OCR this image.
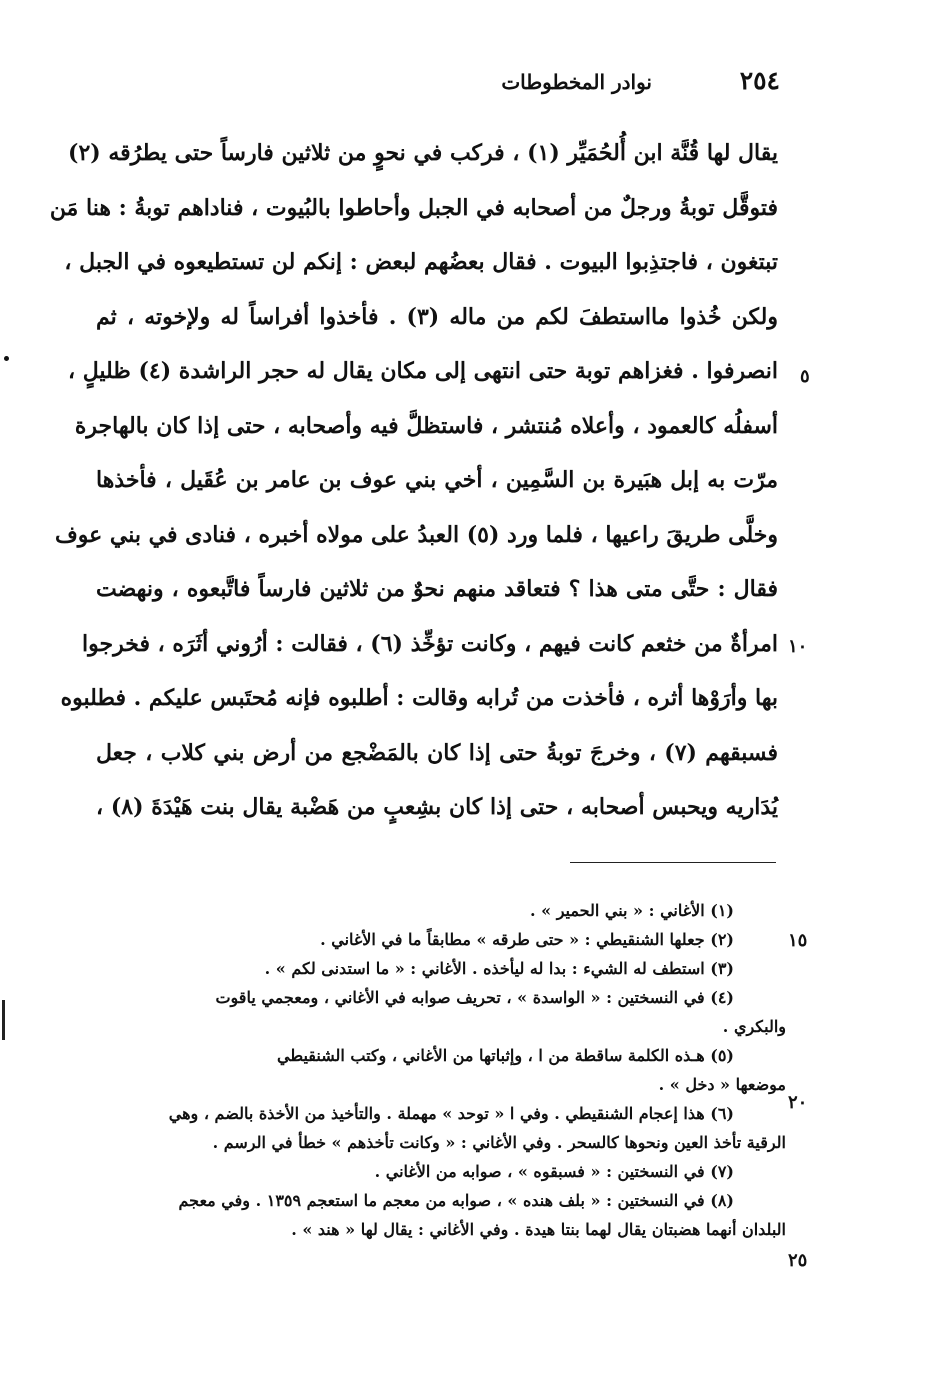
٢٥٤
نوادر المخطوطات
يقال لها قُنَّة ابن أُلحُمَيِّر (١) ، فركب في نحوٍ من ثلاثين فارساً حتى يطرُقه (٢)
فتوقَّل توبةُ ورجلٌ من أصحابه في الجبل وأحاطوا بالبُيوت ، فناداهم توبةُ : هنا مَن
تبتغون ، فاجتذِبوا البيوت . فقال بعضُهم لبعض : إنكم لن تستطيعوه في الجبل ،
ولكن خُذوا مااستطفَ لكم من ماله (٣) . فأخذوا أفراساً له ولإخوته ، ثم
انصرفوا . فغزاهم توبة حتى انتهى إلى مكان يقال له حجر الراشدة (٤) ظليلٍ ،
أسفلُه كالعمود ، وأعلاه مُنتشر ، فاستظلَّ فيه وأصحابه ، حتى إذا كان بالهاجرة
مرّت به إبل هبَيرة بن السَّمِين ، أخي بني عوف بن عامر بن عُقَيل ، فأخذها
وخلَّى طريقَ راعيها ، فلما ورد (٥) العبدُ على مولاه أخبره ، فنادى في بني عوف
فقال : حتَّى متى هذا ؟ فتعاقد منهم نحوٌ من ثلاثين فارساً فاتَّبعوه ، ونهضت
امرأةٌ من خثعم كانت فيهم ، وكانت تؤخِّذ (٦) ، فقالت : أرُوني أثَرَه ، فخرجوا
بها وأرَوْها أثره ، فأخذت من تُرابه وقالت : أطلبوه فإنه مُحتَبس عليكم . فطلبوه
فسبقهم (٧) ، وخرجَ توبةُ حتى إذا كان بالمَضْجع من أرض بني كلاب ، جعل
يُدَاريه ويحبس أصحابه ، حتى إذا كان بشِعبٍ من هَضْبة يقال بنت هَيْدَةَ (٨) ،
(١) الأغاني : « بني الحمير » .
(٢) جعلها الشنقيطي : « حتى طرقه » مطابقاً ما في الأغاني .
(٣) استطف له الشيء : بدا له ليأخذه . الأغاني : « ما استدنى لكم » .
(٤) في النسختين : « الواسدة » ، تحريف صوابه في الأغاني ، ومعجمي ياقوت
والبكري .
(٥) هـذه الكلمة ساقطة من ا ، وإثباتها من الأغاني ، وكتب الشنقيطي
موضعها « دخل » .
(٦) هذا إعجام الشنقيطي . وفي ا « توحد » مهملة . والتأخيذ من الأخذة بالضم ، وهي
الرقية تأخذ العين ونحوها كالسحر . وفي الأغاني : « وكانت تأخذهم » خطأ في الرسم .
(٧) في النسختين : « فسبقوه » ، صوابه من الأغاني .
(٨) في النسختين : « بلف هنده » ، صوابه من معجم ما استعجم ١٣٥٩ . وفي معجم
البلدان أنهما هضبتان يقال لهما بنتا هيدة . وفي الأغاني : يقال لها « هند » .
٥
١٠
١٥
٢٠
٢٥
